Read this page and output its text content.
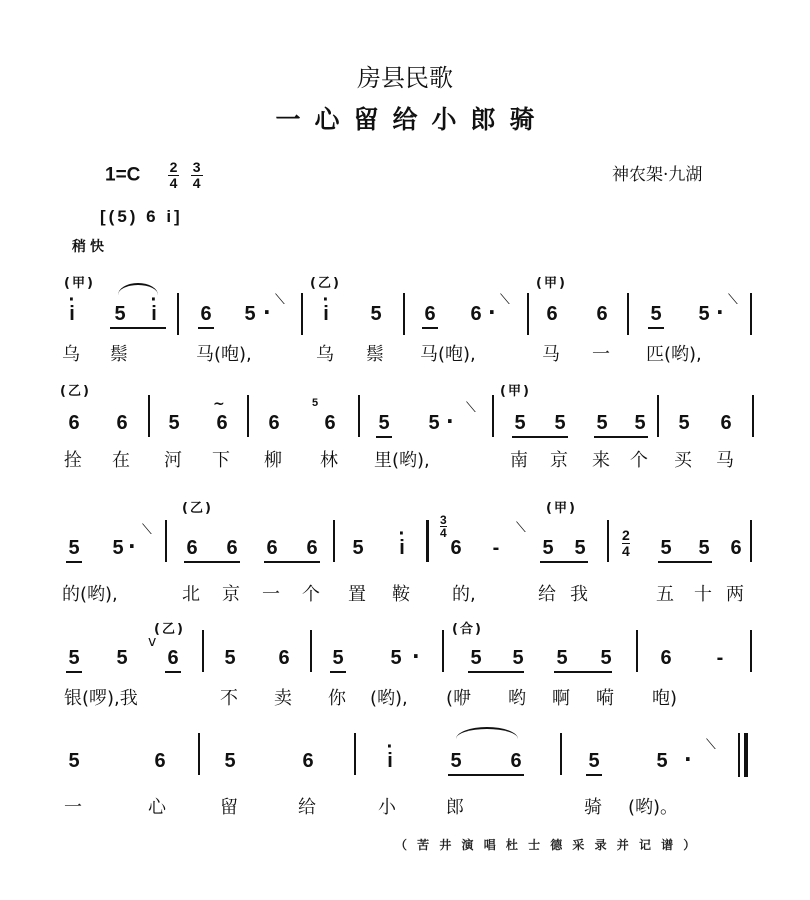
房县民歌
一心留给小郎骑
$1=C \frac{2}{4}$
$\frac{3}{4}$	神农架·九湖
[(5) 6 i]
稍快
(甲)	(乙)	(甲)
· i	5	· i	6 5 · ⟍
· i	5 6 6 · ⟍
6 6 5 5 · ⟍
乌 鬃	马(咆),	乌 鬃 马(咆),	马 一 匹(哟),
(乙)	(甲)
6 6 5 6
~
6 6
5
5 5 ·
⟍
5 5 5 5 5 6
拴 在 河 下 柳 林 里(哟),	南 京 来 个 买 马
(乙)	(甲)
5 5 ·
⟍
6 6 6 6 5	· i
3
4
6	-
⟍
5 5
2
4 5 5 6
的(哟),	北 京 一 个 置 鞍 的,	给 我	五 十 两
v
(乙)	(合)
5 5 6 5 6 5 5 ·	5 5 5 5 6	-
银(啰),我	不 卖 你 (哟), (咿 哟 啊 嗬 咆)
5	6	5	6	· i	5 6	5	5 ·
⟍
一	心	留	给	小	郎	骑 (哟)。
（ 苦 井 演 唱 杜 士 德 采 录 并 记 谱 ）
